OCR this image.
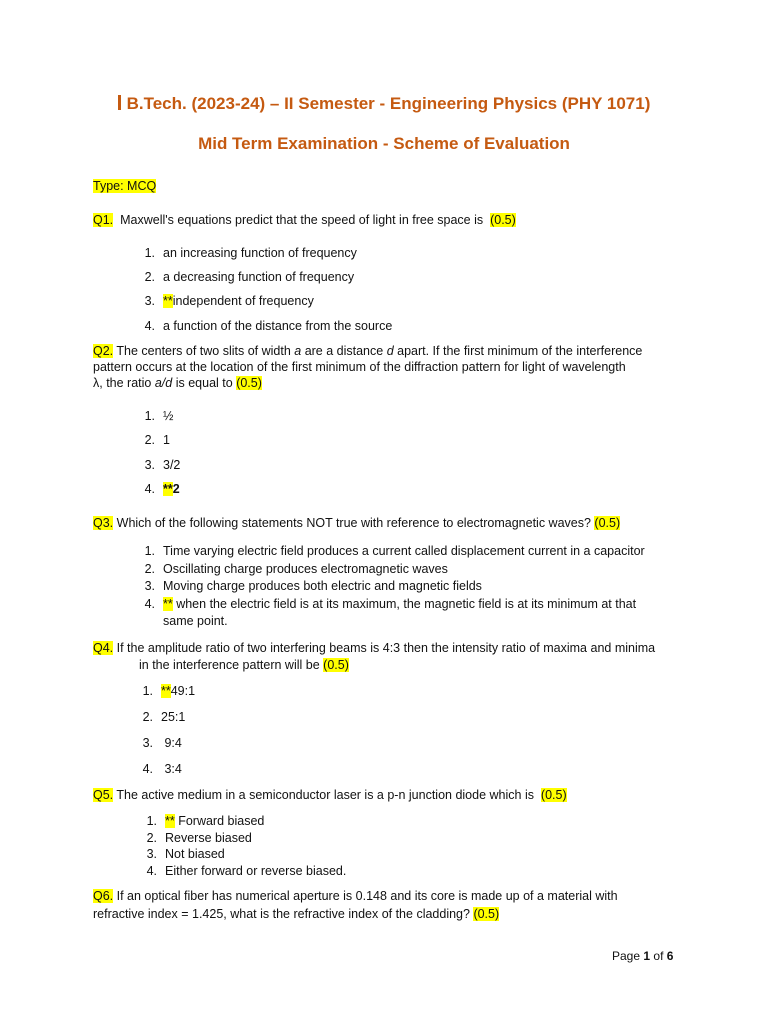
B.Tech. (2023-24) – II Semester - Engineering Physics (PHY 1071)
Mid Term Examination - Scheme of Evaluation
Type: MCQ
Q1. Maxwell's equations predict that the speed of light in free space is (0.5)
1. an increasing function of frequency
2. a decreasing function of frequency
3. **independent of frequency
4. a function of the distance from the source
Q2. The centers of two slits of width a are a distance d apart. If the first minimum of the interference
pattern occurs at the location of the first minimum of the diffraction pattern for light of wavelength
λ, the ratio a/d is equal to (0.5)
1. ½
2. 1
3. 3/2
4. **2
Q3. Which of the following statements NOT true with reference to electromagnetic waves? (0.5)
1. Time varying electric field produces a current called displacement current in a capacitor
2. Oscillating charge produces electromagnetic waves
3. Moving charge produces both electric and magnetic fields
4. ** when the electric field is at its maximum, the magnetic field is at its minimum at that
same point.
Q4. If the amplitude ratio of two interfering beams is 4:3 then the intensity ratio of maxima and minima
in the interference pattern will be (0.5)
1. **49:1
2. 25:1
3. 9:4
4. 3:4
Q5. The active medium in a semiconductor laser is a p-n junction diode which is (0.5)
1. ** Forward biased
2. Reverse biased
3. Not biased
4. Either forward or reverse biased.
Q6. If an optical fiber has numerical aperture is 0.148 and its core is made up of a material with
refractive index = 1.425, what is the refractive index of the cladding? (0.5)
Page 1 of 6
